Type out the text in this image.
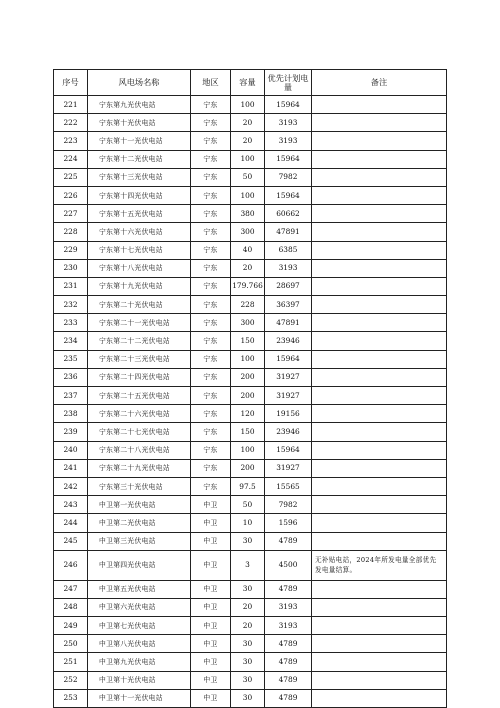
序号	风电场名称	地区	容量	优先计划电量	备注
221	宁东第九光伏电站	宁东	100	15964	
222	宁东第十光伏电站	宁东	20	3193	
223	宁东第十一光伏电站	宁东	20	3193	
224	宁东第十二光伏电站	宁东	100	15964	
225	宁东第十三光伏电站	宁东	50	7982	
226	宁东第十四光伏电站	宁东	100	15964	
227	宁东第十五光伏电站	宁东	380	60662	
228	宁东第十六光伏电站	宁东	300	47891	
229	宁东第十七光伏电站	宁东	40	6385	
230	宁东第十八光伏电站	宁东	20	3193	
231	宁东第十九光伏电站	宁东	179.766	28697	
232	宁东第二十光伏电站	宁东	228	36397	
233	宁东第二十一光伏电站	宁东	300	47891	
234	宁东第二十二光伏电站	宁东	150	23946	
235	宁东第二十三光伏电站	宁东	100	15964	
236	宁东第二十四光伏电站	宁东	200	31927	
237	宁东第二十五光伏电站	宁东	200	31927	
238	宁东第二十六光伏电站	宁东	120	19156	
239	宁东第二十七光伏电站	宁东	150	23946	
240	宁东第二十八光伏电站	宁东	100	15964	
241	宁东第二十九光伏电站	宁东	200	31927	
242	宁东第三十光伏电站	宁东	97.5	15565	
243	中卫第一光伏电站	中卫	50	7982	
244	中卫第二光伏电站	中卫	10	1596	
245	中卫第三光伏电站	中卫	30	4789	
246	中卫第四光伏电站	中卫	3	4500	无补贴电站，2024年所发电量全部优先发电量结算。
247	中卫第五光伏电站	中卫	30	4789	
248	中卫第六光伏电站	中卫	20	3193	
249	中卫第七光伏电站	中卫	20	3193	
250	中卫第八光伏电站	中卫	30	4789	
251	中卫第九光伏电站	中卫	30	4789	
252	中卫第十光伏电站	中卫	30	4789	
253	中卫第十一光伏电站	中卫	30	4789	
